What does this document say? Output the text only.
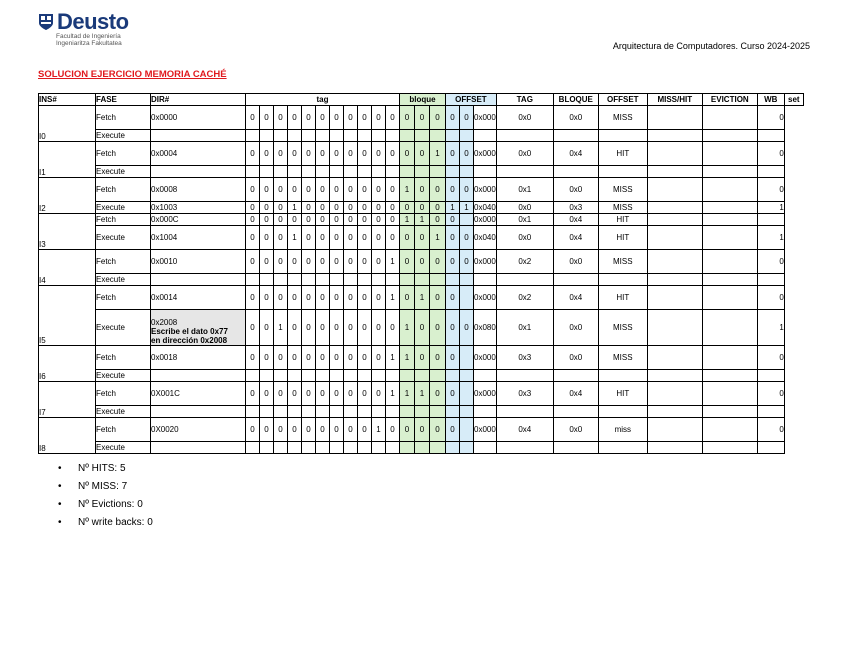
Deusto
Facultad de Ingeniería
Ingeniaritza Fakultatea	Arquitectura de Computadores. Curso 2024-2025
SOLUCION EJERCICIO MEMORIA CACHÉ
INS#	FASE	DIR#	tag											bloque			OFFSET			TAG	BLOQUE	OFFSET	MISS/HIT	EVICTION	WB	set
I0	Fetch	0x0000	0	0	0	0	0	0	0	0	0	0	0	0	0	0	0	0	0x000	0x0	0x0	MISS			0	
	Execute																									
I1	Fetch	0x0004	0	0	0	0	0	0	0	0	0	0	0	0	0	1	0	0	0x000	0x0	0x4	HIT			0	
	Execute																									
I2	Fetch	0x0008	0	0	0	0	0	0	0	0	0	0	0	1	0	0	0	0	0x000	0x1	0x0	MISS			0	
	Execute	0x1003	0	0	0	1	0	0	0	0	0	0	0	0	0	0	1	1	0x040	0x0	0x3	MISS			1	
I3	Fetch	0x000C	0	0	0	0	0	0	0	0	0	0	0	1	1	0	0		0x000	0x1	0x4	HIT				
	Execute	0x1004	0	0	0	1	0	0	0	0	0	0	0	0	0	1	0	0	0x040	0x0	0x4	HIT			1	
I4	Fetch	0x0010	0	0	0	0	0	0	0	0	0	0	1	0	0	0	0	0	0x000	0x2	0x0	MISS			0	
	Execute																									
I5	Fetch	0x0014	0	0	0	0	0	0	0	0	0	0	1	0	1	0	0		0x000	0x2	0x4	HIT			0	
	Execute	0x2008
Escribe el dato 0x77
en dirección 0x2008	0	0	1	0	0	0	0	0	0	0	0	1	0	0	0	0	0x080	0x1	0x0	MISS			1	
I6	Fetch	0x0018	0	0	0	0	0	0	0	0	0	0	1	1	0	0	0		0x000	0x3	0x0	MISS			0	
	Execute																									
I7	Fetch	0X001C	0	0	0	0	0	0	0	0	0	0	1	1	1	0	0		0x000	0x3	0x4	HIT			0	
	Execute																									
I8	Fetch	0X0020	0	0	0	0	0	0	0	0	0	1	0	0	0	0	0		0x000	0x4	0x0	miss			0	
	Execute																									
• Nº HITS: 5
• Nº MISS: 7
• Nº Evictions: 0
• Nº write backs: 0
